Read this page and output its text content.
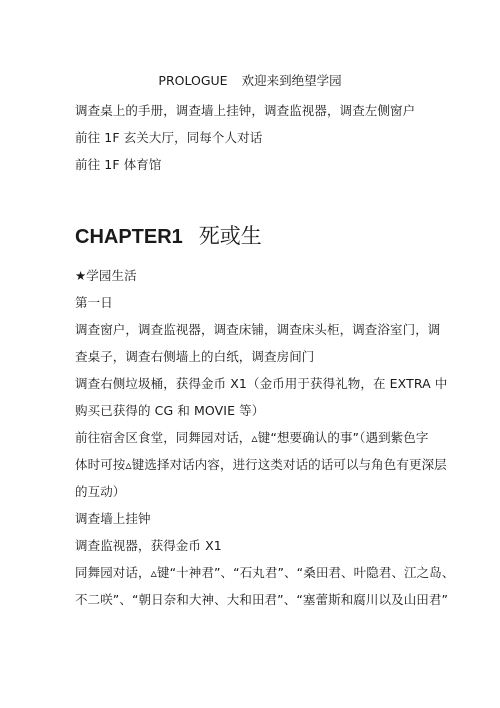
PROLOGUE 欢迎来到绝望学园
调查桌上的手册，调查墙上挂钟，调查监视器，调查左侧窗户
前往 1F 玄关大厅，同每个人对话
前往 1F 体育馆
CHAPTER1 死或生
★学园生活
第一日
调查窗户，调查监视器，调查床铺，调查床头柜，调查浴室门，调
查桌子，调查右侧墙上的白纸，调查房间门
调查右侧垃圾桶，获得金币 X1（金币用于获得礼物，在 EXTRA 中
购买已获得的 CG 和 MOVIE 等）
前往宿舍区食堂，同舞园对话，▵键“想要确认的事”（遇到紫色字
体时可按▵键选择对话内容，进行这类对话的话可以与角色有更深层
的互动）
调查墙上挂钟
调查监视器，获得金币 X1
同舞园对话，▵键“十神君”、“石丸君”、“桑田君、叶隐君、江之岛、
不二咲”、“朝日奈和大神、大和田君”、“塞蕾斯和腐川以及山田君”
